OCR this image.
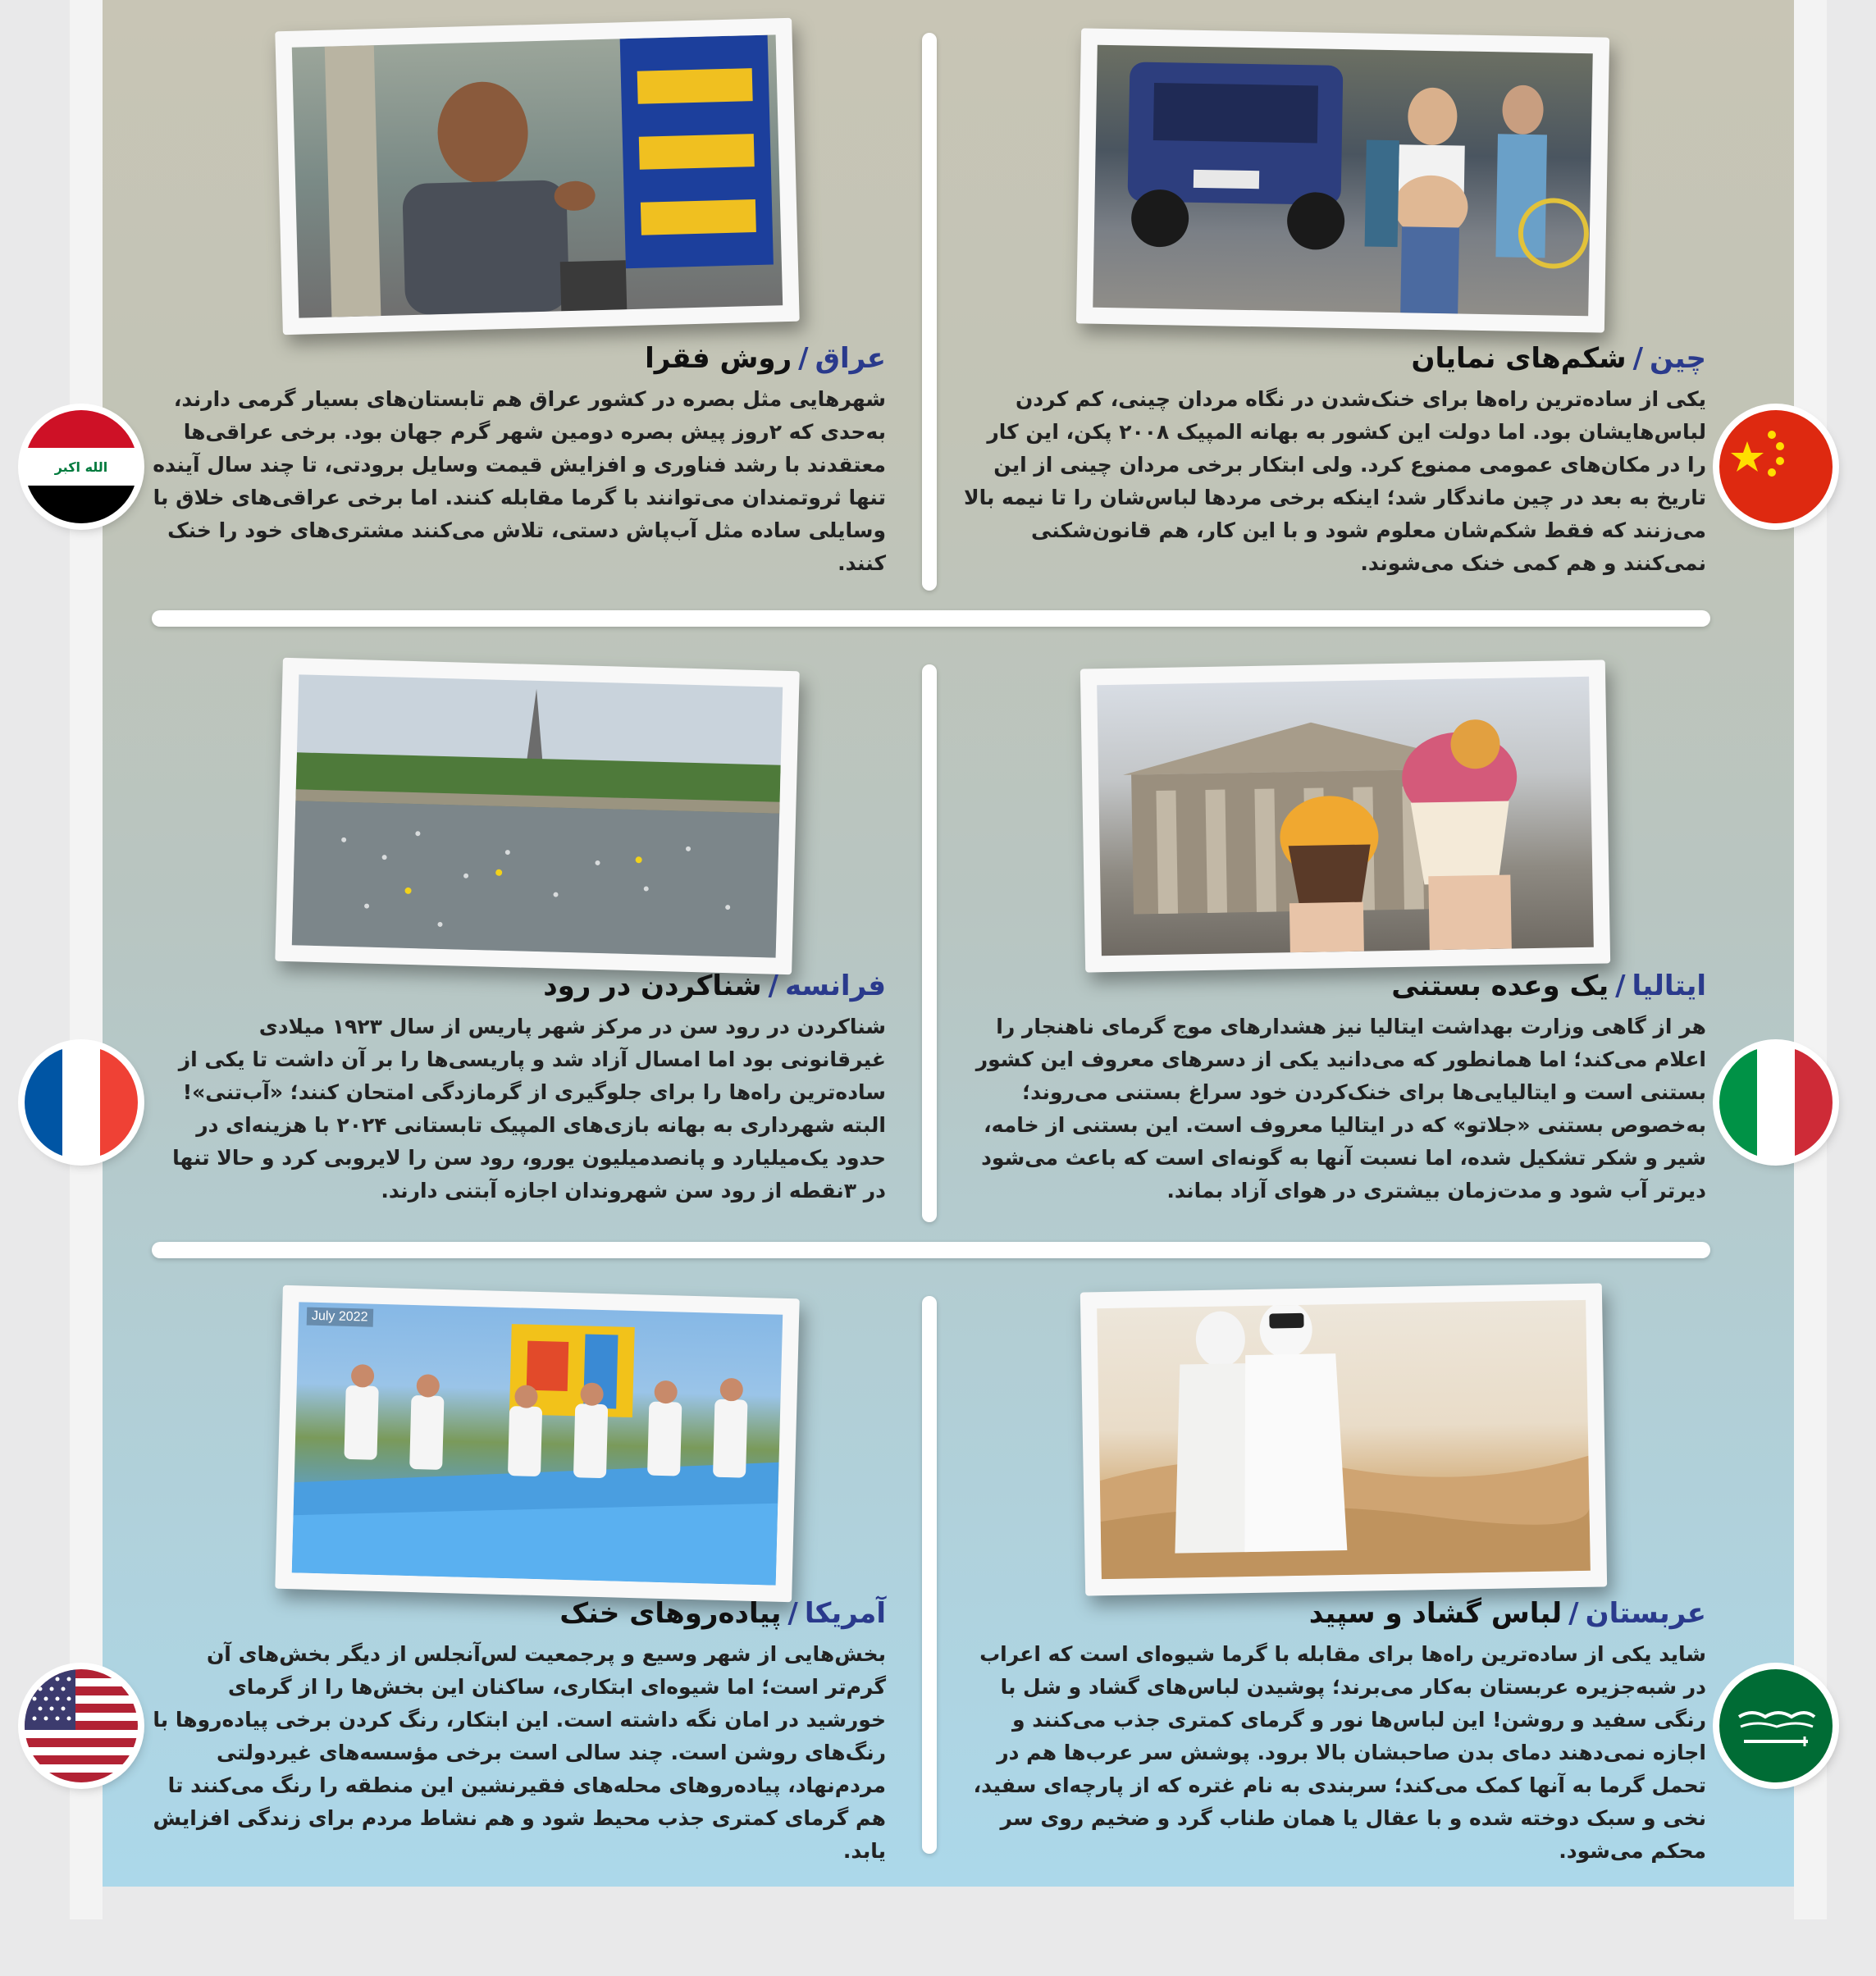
چین/شکم‌های نمایان

یکی از ساده‌ترین راه‌ها برای خنک‌شدن در نگاه مردان چینی، کم کردن لباس‌هایشان بود. اما دولت این کشور به بهانه المپیک ۲۰۰۸ پکن، این کار را در مکان‌های عمومی ممنوع کرد. ولی ابتکار برخی مردان چینی از این تاریخ به بعد در چین ماندگار شد؛ اینکه برخی مردها لباس‌شان را تا نیمه بالا می‌زنند که فقط شکم‌شان معلوم شود و با این کار، هم قانون‌شکنی نمی‌کنند و هم کمی خنک می‌شوند.

عراق/روش فقرا

شهرهایی مثل بصره در کشور عراق هم تابستان‌های بسیار گرمی دارند، به‌حدی که ۲روز پیش بصره دومین شهر گرم جهان بود. برخی عراقی‌ها معتقدند با رشد فناوری و افزایش قیمت وسایل برودتی، تا چند سال آینده تنها ثروتمندان می‌توانند با گرما مقابله کنند. اما برخی عراقی‌های خلاق با وسایلی ساده مثل آب‌پاش دستی، تلاش می‌کنند مشتری‌های خود را خنک کنند.

الله اكبر
ایتالیا/یک وعده بستنی

هر از گاهی وزارت بهداشت ایتالیا نیز هشدارهای موج گرمای ناهنجار را اعلام می‌کند؛ اما همانطور که می‌دانید یکی از دسرهای معروف این کشور بستنی است و ایتالیایی‌ها برای خنک‌کردن خود سراغ بستنی می‌روند؛ به‌خصوص بستنی «جلاتو» که در ایتالیا معروف است. این بستنی از خامه، شیر و شکر تشکیل شده، اما نسبت آنها به گونه‌ای است که باعث می‌شود دیرتر آب شود و مدت‌زمان بیشتری در هوای آزاد بماند.

فرانسه/شناکردن در رود

شناکردن در رود سن در مرکز شهر پاریس از سال ۱۹۲۳ میلادی غیرقانونی بود اما امسال آزاد شد و پاریسی‌ها را بر آن داشت تا یکی از ساده‌ترین راه‌ها را برای جلوگیری از گرمازدگی امتحان کنند؛ «آب‌تنی»! البته شهرداری به بهانه بازی‌های المپیک تابستانی ۲۰۲۴ با هزینه‌ای در حدود یک‌میلیارد و پانصدمیلیون یورو، رود سن را لایروبی کرد و حالا تنها در ۳نقطه از رود سن شهروندان اجازه آبتنی دارند.

July 2022
عربستان/لباس گشاد و سپید

شاید یکی از ساده‌ترین راه‌ها برای مقابله با گرما شیوه‌ای است که اعراب در شبه‌جزیره عربستان به‌کار می‌برند؛ پوشیدن لباس‌های گشاد و شل با رنگی سفید و روشن! این لباس‌ها نور و گرمای کمتری جذب می‌کنند و اجازه نمی‌دهند دمای بدن صاحبشان بالا برود. پوشش سر عرب‌ها هم در تحمل گرما به آنها کمک می‌کند؛ سربندی به نام غتره که از پارچه‌ای سفید، نخی و سبک دوخته شده و با عقال یا همان طناب گرد و ضخیم روی سر محکم می‌شود.

آمریکا/پیاده‌روهای خنک

بخش‌هایی از شهر وسیع و پرجمعیت لس‌آنجلس از دیگر بخش‌های آن گرم‌تر است؛ اما شیوه‌ای ابتکاری، ساکنان این بخش‌ها را از گرمای خورشید در امان نگه داشته است. این ابتکار، رنگ کردن برخی پیاده‌روها با رنگ‌های روشن است. چند سالی است برخی مؤسسه‌های غیردولتی مردم‌نهاد، پیاده‌روهای محله‌های فقیرنشین این منطقه را رنگ می‌کنند تا هم گرمای کمتری جذب محیط شود و هم نشاط مردم برای زندگی افزایش یابد.
